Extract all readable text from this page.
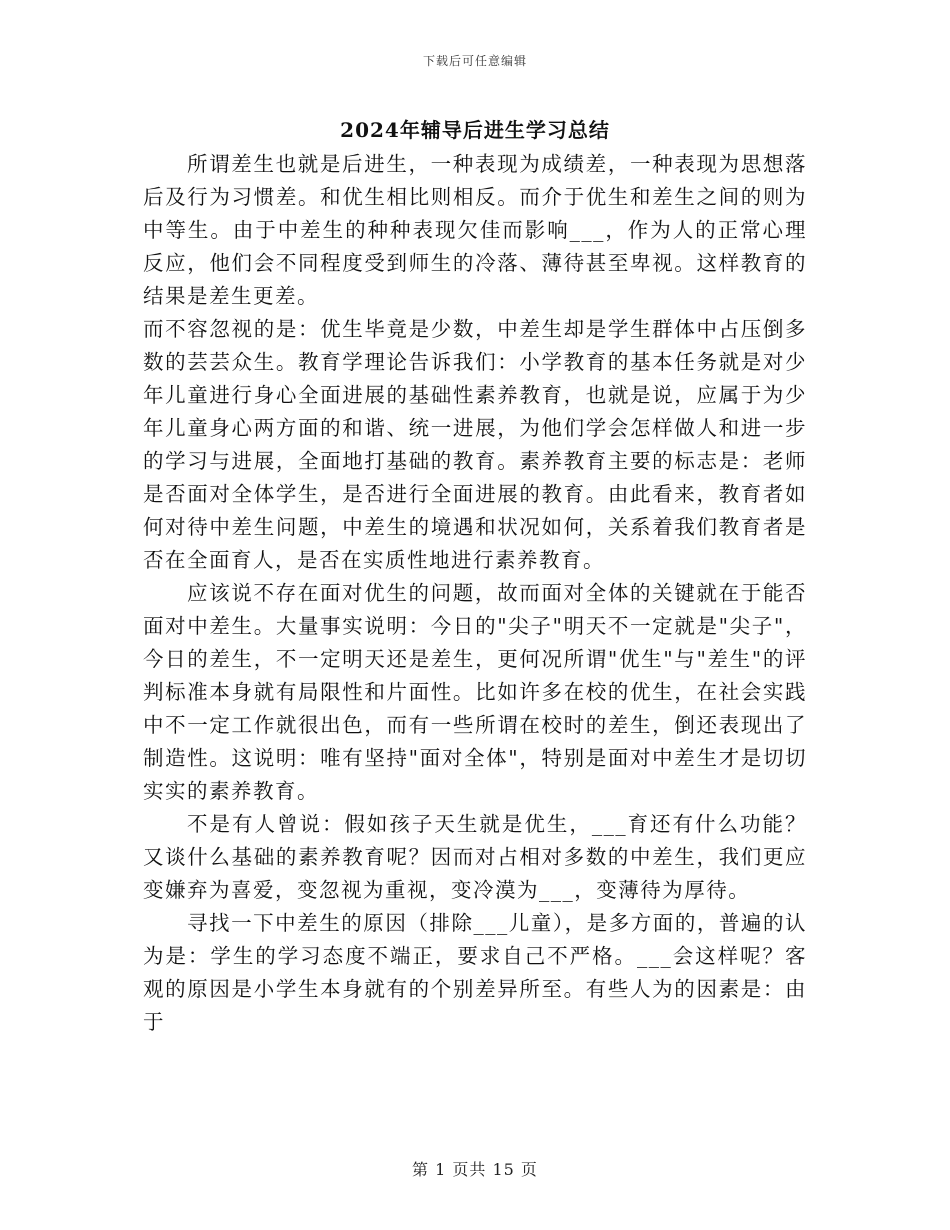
下载后可任意编辑
2024年辅导后进生学习总结

所谓差生也就是后进生，一种表现为成绩差，一种表现为思想落后及行为习惯差。和优生相比则相反。而介于优生和差生之间的则为中等生。由于中差生的种种表现欠佳而影响___，作为人的正常心理反应，他们会不同程度受到师生的冷落、薄待甚至卑视。这样教育的结果是差生更差。

而不容忽视的是：优生毕竟是少数，中差生却是学生群体中占压倒多数的芸芸众生。教育学理论告诉我们：小学教育的基本任务就是对少年儿童进行身心全面进展的基础性素养教育，也就是说，应属于为少年儿童身心两方面的和谐、统一进展，为他们学会怎样做人和进一步的学习与进展，全面地打基础的教育。素养教育主要的标志是：老师是否面对全体学生，是否进行全面进展的教育。由此看来，教育者如何对待中差生问题，中差生的境遇和状况如何，关系着我们教育者是否在全面育人，是否在实质性地进行素养教育。

应该说不存在面对优生的问题，故而面对全体的关键就在于能否面对中差生。大量事实说明：今日的"尖子"明天不一定就是"尖子"，今日的差生，不一定明天还是差生，更何况所谓"优生"与"差生"的评判标准本身就有局限性和片面性。比如许多在校的优生，在社会实践中不一定工作就很出色，而有一些所谓在校时的差生，倒还表现出了制造性。这说明：唯有坚持"面对全体"，特别是面对中差生才是切切实实的素养教育。

不是有人曾说：假如孩子天生就是优生，___育还有什么功能？又谈什么基础的素养教育呢？因而对占相对多数的中差生，我们更应变嫌弃为喜爱，变忽视为重视，变冷漠为___，变薄待为厚待。

寻找一下中差生的原因（排除___儿童），是多方面的，普遍的认为是：学生的学习态度不端正，要求自己不严格。___会这样呢？客观的原因是小学生本身就有的个别差异所至。有些人为的因素是：由于

第 1 页共 15 页
